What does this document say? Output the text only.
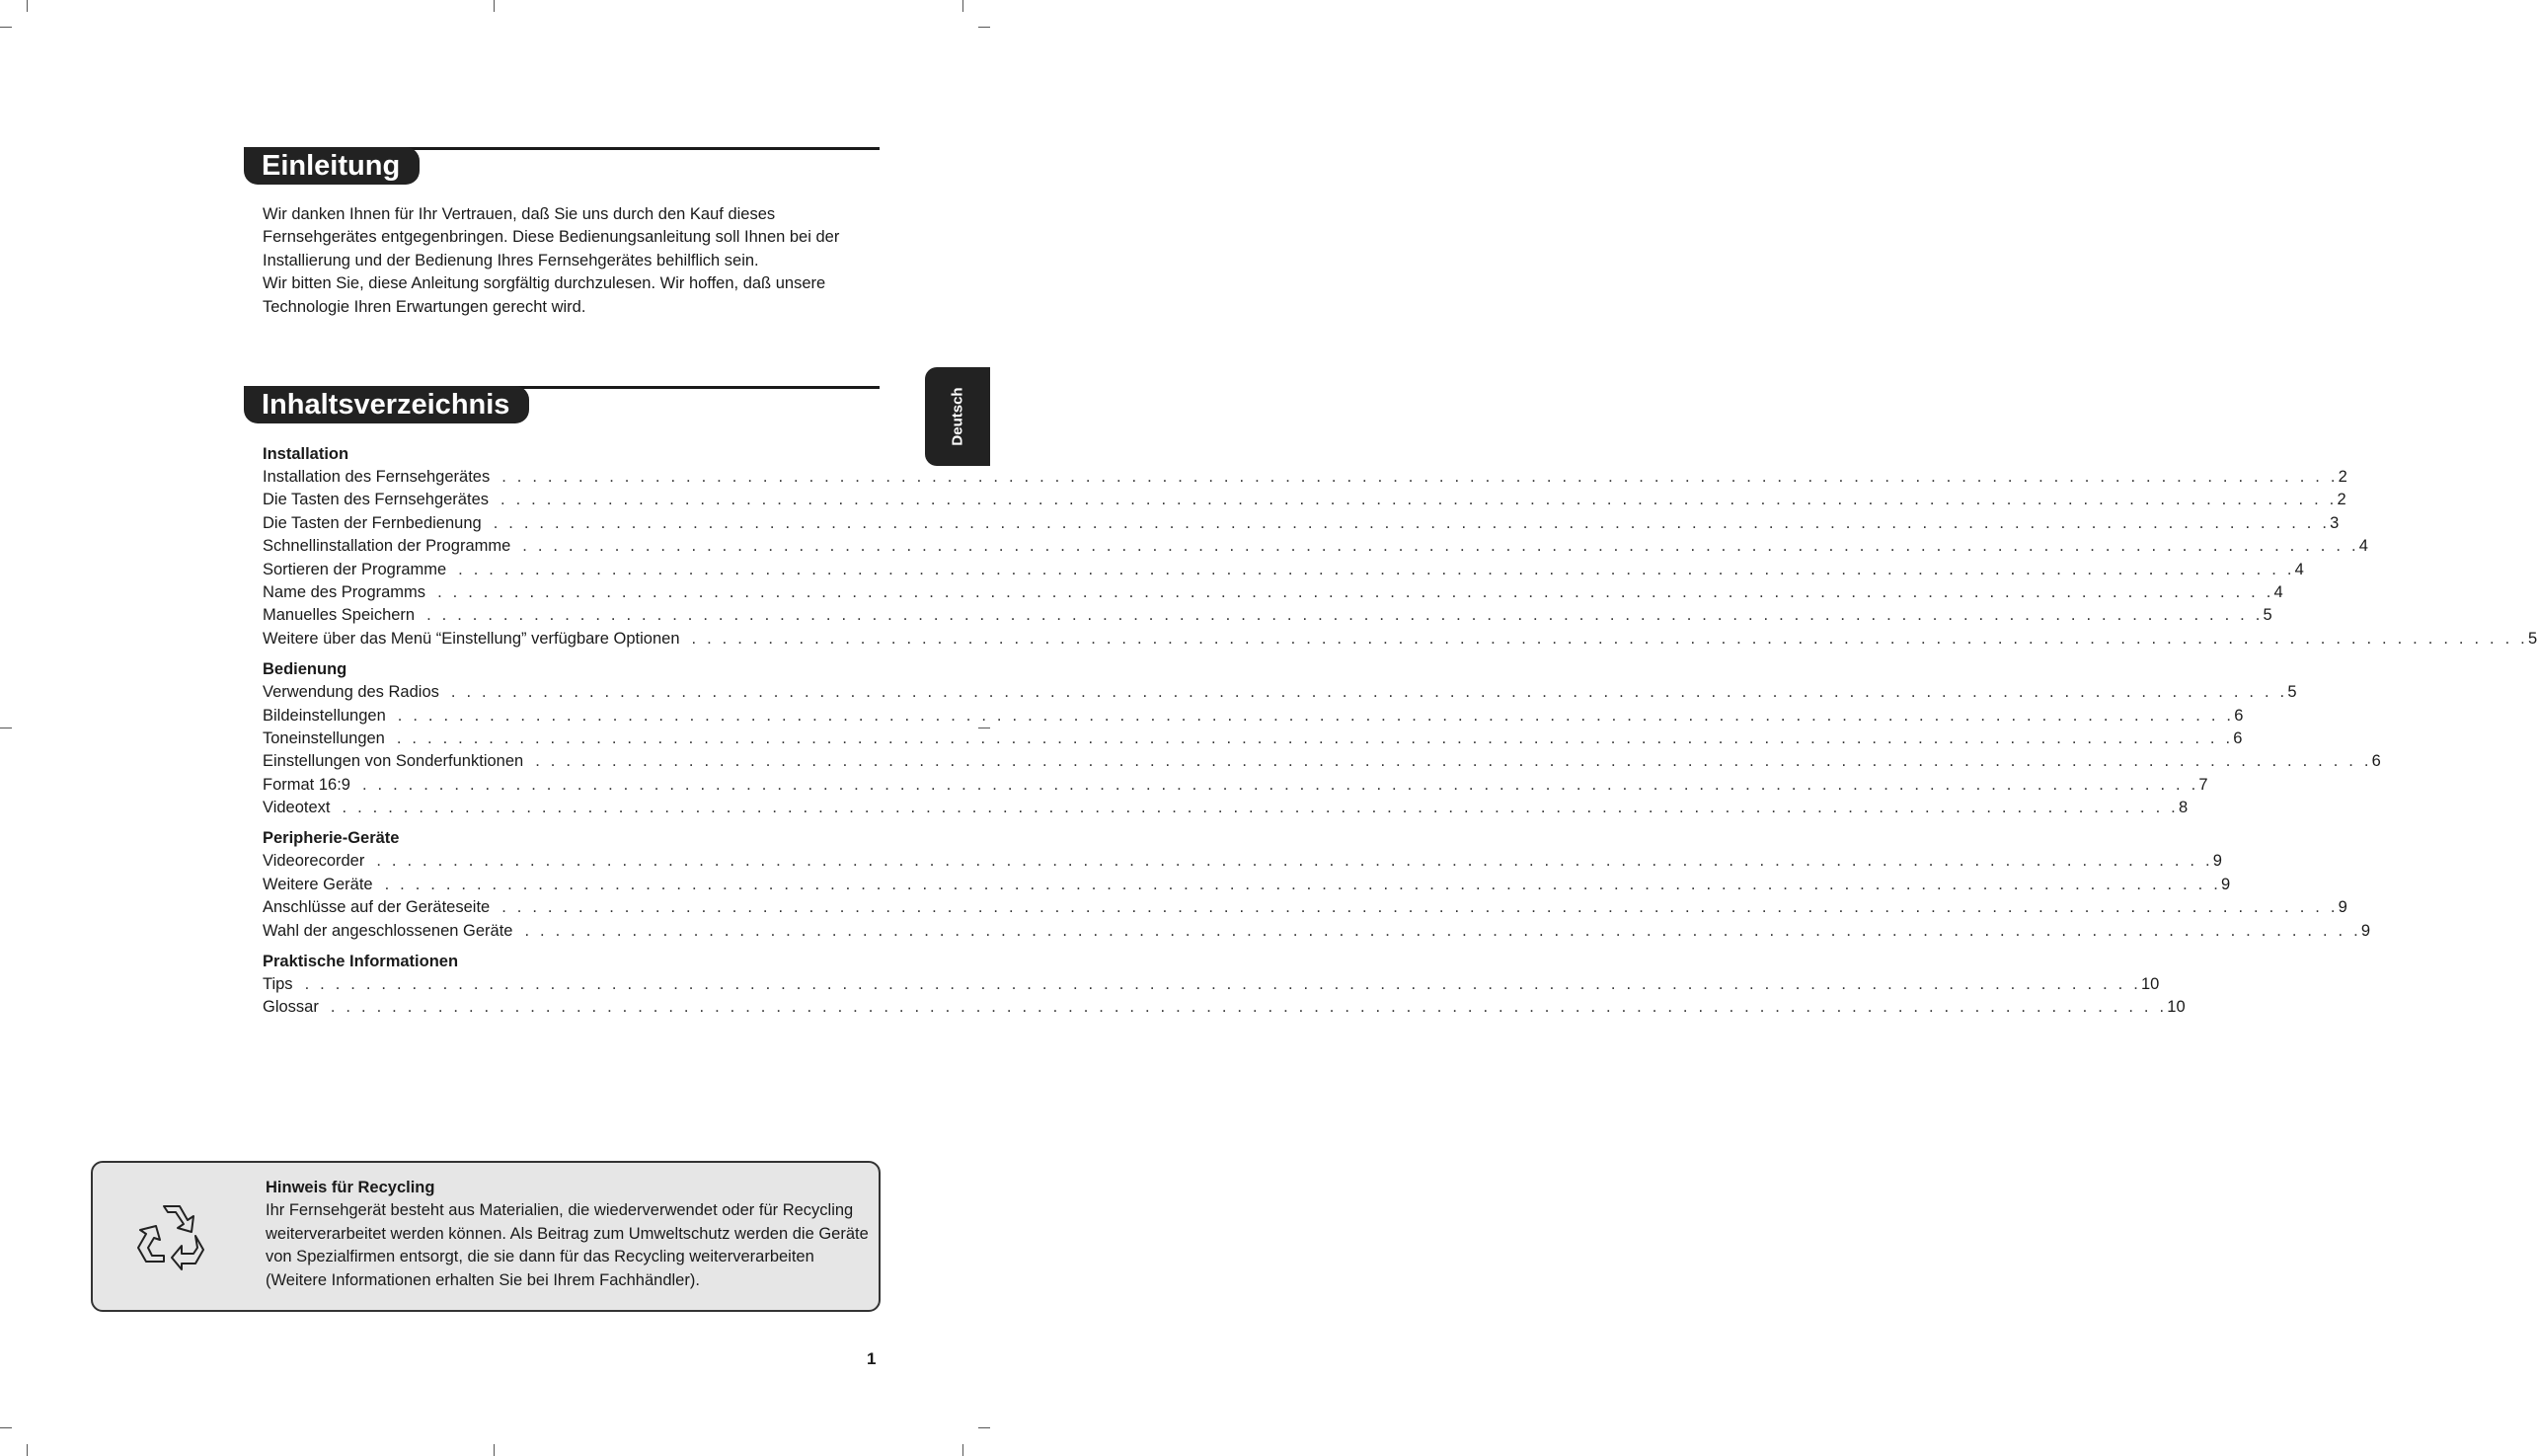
Einleitung

Wir danken Ihnen für Ihr Vertrauen, daß Sie uns durch den Kauf dieses Fernsehgerätes entgegenbringen. Diese Bedienungsanleitung soll Ihnen bei der Installierung und der Bedienung Ihres Fernsehgerätes behilflich sein.

Wir bitten Sie, diese Anleitung sorgfältig durchzulesen. Wir hoffen, daß unsere Technologie Ihren Erwartungen gerecht wird.

Inhaltsverzeichnis
Installation
Installation des Fernsehgerätes . . . . . . . . . . . . . . . . . . . . . . . . . . . . . . . . . . . . . . . . . . . . . . . . . . . . . . . . . . . . . . . . . . . . . . . . . . . . . . . . . . . . . . . . . . . . . . . . . . . . . . . . . . . . . . . . . . . . . . . . 2
Die Tasten des Fernsehgerätes . . . . . . . . . . . . . . . . . . . . . . . . . . . . . . . . . . . . . . . . . . . . . . . . . . . . . . . . . . . . . . . . . . . . . . . . . . . . . . . . . . . . . . . . . . . . . . . . . . . . . . . . . . . . . . . . . . . . . . . . 2
Die Tasten der Fernbedienung . . . . . . . . . . . . . . . . . . . . . . . . . . . . . . . . . . . . . . . . . . . . . . . . . . . . . . . . . . . . . . . . . . . . . . . . . . . . . . . . . . . . . . . . . . . . . . . . . . . . . . . . . . . . . . . . . . . . . . . . 3
Schnellinstallation der Programme . . . . . . . . . . . . . . . . . . . . . . . . . . . . . . . . . . . . . . . . . . . . . . . . . . . . . . . . . . . . . . . . . . . . . . . . . . . . . . . . . . . . . . . . . . . . . . . . . . . . . . . . . . . . . . . . . . . . . . . . 4
Sortieren der Programme . . . . . . . . . . . . . . . . . . . . . . . . . . . . . . . . . . . . . . . . . . . . . . . . . . . . . . . . . . . . . . . . . . . . . . . . . . . . . . . . . . . . . . . . . . . . . . . . . . . . . . . . . . . . . . . . . . . . . . . . 4
Name des Programms . . . . . . . . . . . . . . . . . . . . . . . . . . . . . . . . . . . . . . . . . . . . . . . . . . . . . . . . . . . . . . . . . . . . . . . . . . . . . . . . . . . . . . . . . . . . . . . . . . . . . . . . . . . . . . . . . . . . . . . . 4
Manuelles Speichern . . . . . . . . . . . . . . . . . . . . . . . . . . . . . . . . . . . . . . . . . . . . . . . . . . . . . . . . . . . . . . . . . . . . . . . . . . . . . . . . . . . . . . . . . . . . . . . . . . . . . . . . . . . . . . . . . . . . . . . . 5
Weitere über das Menü “Einstellung” verfügbare Optionen . . . . . . . . . . . . . . . . . . . . . . . . . . . . . . . . . . . . . . . . . . . . . . . . . . . . . . . . . . . . . . . . . . . . . . . . . . . . . . . . . . . . . . . . . . . . . . . . . . . . . . . . . . . . . . . . . . . . . . . . 5
Bedienung
Verwendung des Radios . . . . . . . . . . . . . . . . . . . . . . . . . . . . . . . . . . . . . . . . . . . . . . . . . . . . . . . . . . . . . . . . . . . . . . . . . . . . . . . . . . . . . . . . . . . . . . . . . . . . . . . . . . . . . . . . . . . . . . . . 5
Bildeinstellungen . . . . . . . . . . . . . . . . . . . . . . . . . . . . . . . . . . . . . . . . . . . . . . . . . . . . . . . . . . . . . . . . . . . . . . . . . . . . . . . . . . . . . . . . . . . . . . . . . . . . . . . . . . . . . . . . . . . . . . . . 6
Toneinstellungen . . . . . . . . . . . . . . . . . . . . . . . . . . . . . . . . . . . . . . . . . . . . . . . . . . . . . . . . . . . . . . . . . . . . . . . . . . . . . . . . . . . . . . . . . . . . . . . . . . . . . . . . . . . . . . . . . . . . . . . . 6
Einstellungen von Sonderfunktionen . . . . . . . . . . . . . . . . . . . . . . . . . . . . . . . . . . . . . . . . . . . . . . . . . . . . . . . . . . . . . . . . . . . . . . . . . . . . . . . . . . . . . . . . . . . . . . . . . . . . . . . . . . . . . . . . . . . . . . . . 6
Format 16:9 . . . . . . . . . . . . . . . . . . . . . . . . . . . . . . . . . . . . . . . . . . . . . . . . . . . . . . . . . . . . . . . . . . . . . . . . . . . . . . . . . . . . . . . . . . . . . . . . . . . . . . . . . . . . . . . . . . . . . . . . 7
Videotext . . . . . . . . . . . . . . . . . . . . . . . . . . . . . . . . . . . . . . . . . . . . . . . . . . . . . . . . . . . . . . . . . . . . . . . . . . . . . . . . . . . . . . . . . . . . . . . . . . . . . . . . . . . . . . . . . . . . . . . . 8
Peripherie-Geräte
Videorecorder . . . . . . . . . . . . . . . . . . . . . . . . . . . . . . . . . . . . . . . . . . . . . . . . . . . . . . . . . . . . . . . . . . . . . . . . . . . . . . . . . . . . . . . . . . . . . . . . . . . . . . . . . . . . . . . . . . . . . . . . 9
Weitere Geräte . . . . . . . . . . . . . . . . . . . . . . . . . . . . . . . . . . . . . . . . . . . . . . . . . . . . . . . . . . . . . . . . . . . . . . . . . . . . . . . . . . . . . . . . . . . . . . . . . . . . . . . . . . . . . . . . . . . . . . . . 9
Anschlüsse auf der Geräteseite . . . . . . . . . . . . . . . . . . . . . . . . . . . . . . . . . . . . . . . . . . . . . . . . . . . . . . . . . . . . . . . . . . . . . . . . . . . . . . . . . . . . . . . . . . . . . . . . . . . . . . . . . . . . . . . . . . . . . . . . 9
Wahl der angeschlossenen Geräte . . . . . . . . . . . . . . . . . . . . . . . . . . . . . . . . . . . . . . . . . . . . . . . . . . . . . . . . . . . . . . . . . . . . . . . . . . . . . . . . . . . . . . . . . . . . . . . . . . . . . . . . . . . . . . . . . . . . . . . . 9
Praktische Informationen
Tips . . . . . . . . . . . . . . . . . . . . . . . . . . . . . . . . . . . . . . . . . . . . . . . . . . . . . . . . . . . . . . . . . . . . . . . . . . . . . . . . . . . . . . . . . . . . . . . . . . . . . . . . . . . . . . . . . . . . . . . . 10
Glossar . . . . . . . . . . . . . . . . . . . . . . . . . . . . . . . . . . . . . . . . . . . . . . . . . . . . . . . . . . . . . . . . . . . . . . . . . . . . . . . . . . . . . . . . . . . . . . . . . . . . . . . . . . . . . . . . . . . . . . . . 10
Deutsch
Hinweis für Recycling
Ihr Fernsehgerät besteht aus Materialien, die wiederverwendet oder für Recycling weiterverarbeitet werden können. Als Beitrag zum Umweltschutz werden die Geräte von Spezialfirmen entsorgt, die sie dann für das Recycling weiterverarbeiten (Weitere Informationen erhalten Sie bei Ihrem Fachhändler).
1
